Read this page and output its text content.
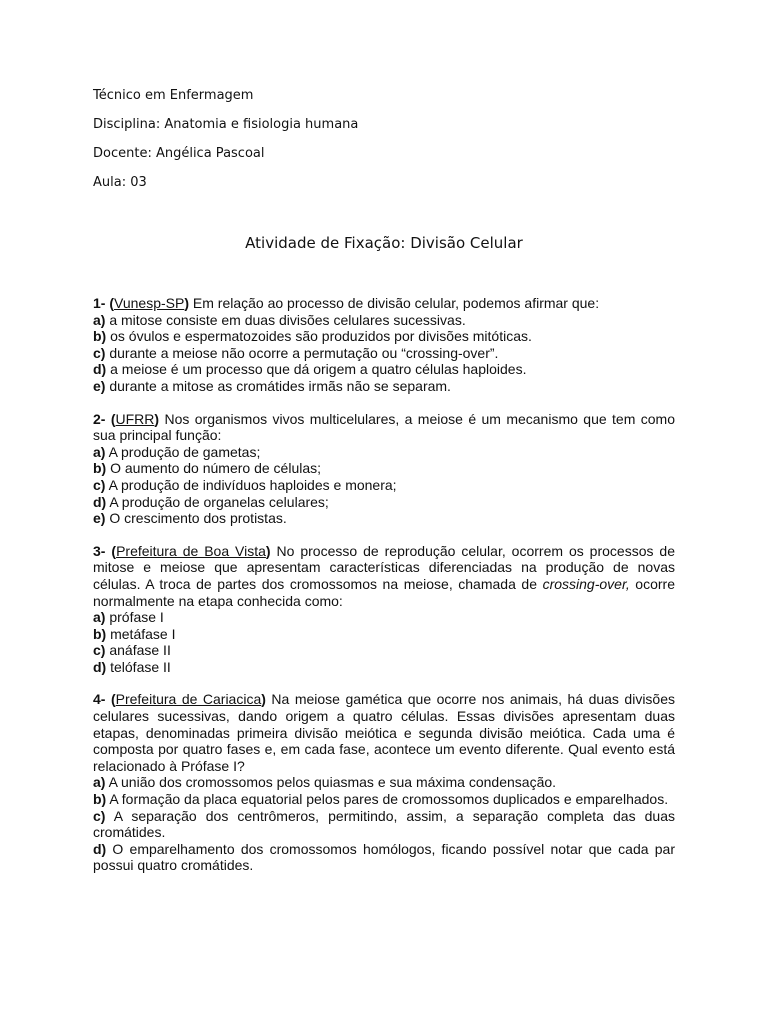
Técnico em Enfermagem
Disciplina: Anatomia e fisiologia humana
Docente: Angélica Pascoal
Aula: 03
Atividade de Fixação: Divisão Celular
1- (Vunesp-SP) Em relação ao processo de divisão celular, podemos afirmar que:
a) a mitose consiste em duas divisões celulares sucessivas.
b) os óvulos e espermatozoides são produzidos por divisões mitóticas.
c) durante a meiose não ocorre a permutação ou “crossing-over”.
d) a meiose é um processo que dá origem a quatro células haploides.
e) durante a mitose as cromátides irmãs não se separam.
2- (UFRR) Nos organismos vivos multicelulares, a meiose é um mecanismo que tem como sua principal função:
a) A produção de gametas;
b) O aumento do número de células;
c) A produção de indivíduos haploides e monera;
d) A produção de organelas celulares;
e) O crescimento dos protistas.
3- (Prefeitura de Boa Vista) No processo de reprodução celular, ocorrem os processos de mitose e meiose que apresentam características diferenciadas na produção de novas células. A troca de partes dos cromossomos na meiose, chamada de crossing-over, ocorre normalmente na etapa conhecida como:
a) prófase I
b) metáfase I
c) anáfase II
d) telófase II
4- (Prefeitura de Cariacica) Na meiose gamética que ocorre nos animais, há duas divisões celulares sucessivas, dando origem a quatro células. Essas divisões apresentam duas etapas, denominadas primeira divisão meiótica e segunda divisão meiótica. Cada uma é composta por quatro fases e, em cada fase, acontece um evento diferente. Qual evento está relacionado à Prófase I?
a) A união dos cromossomos pelos quiasmas e sua máxima condensação.
b) A formação da placa equatorial pelos pares de cromossomos duplicados e emparelhados.
c) A separação dos centrômeros, permitindo, assim, a separação completa das duas cromátides.
d) O emparelhamento dos cromossomos homólogos, ficando possível notar que cada par possui quatro cromátides.
